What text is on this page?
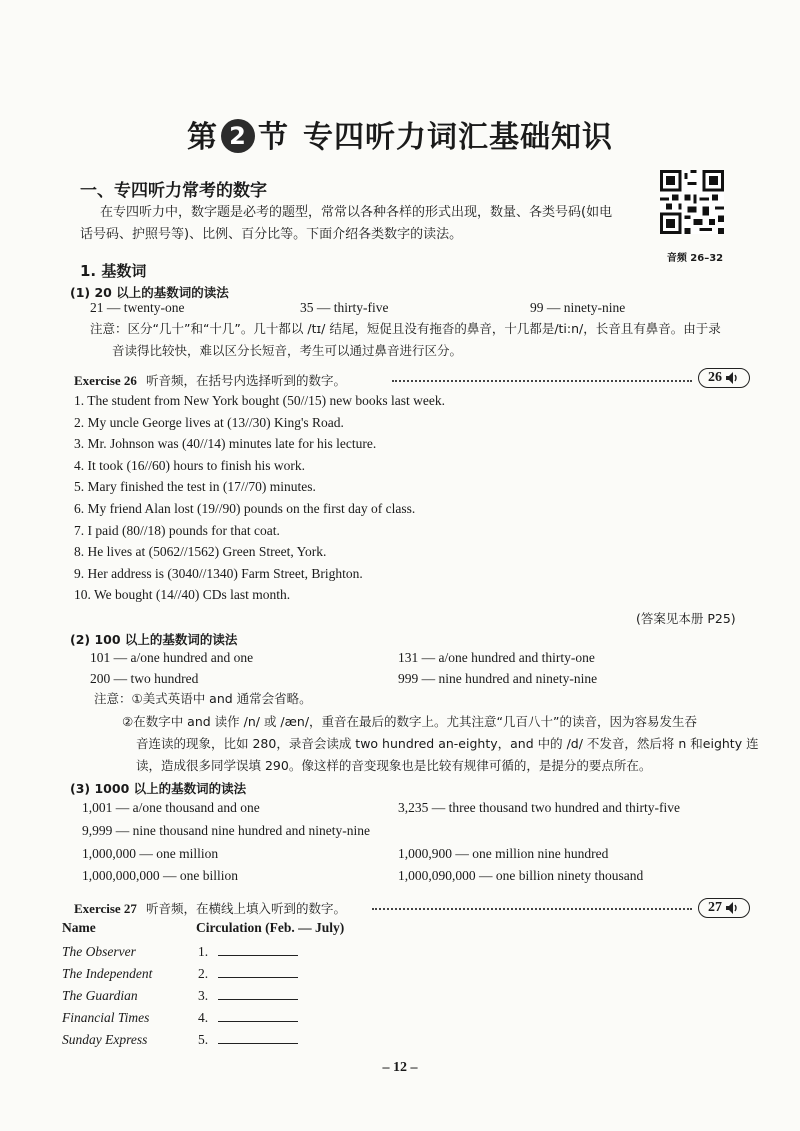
第 2 节 专四听力词汇基础知识
一、专四听力常考的数字
在专四听力中，数字题是必考的题型，常常以各种各样的形式出现，数量、各类号码(如电
话号码、护照号等)、比例、百分比等。下面介绍各类数字的读法。
音频 26–32
1. 基数词
(1) 20 以上的基数词的读法
21 — twenty-one	35 — thirty-five	99 — ninety-nine
注意：区分“几十”和“十几”。几十都以 /tɪ/ 结尾，短促且没有拖沓的鼻音，十几都是/ti:n/，长音且有鼻音。由于录
音读得比较快，难以区分长短音，考生可以通过鼻音进行区分。
Exercise 26 听音频，在括号内选择听到的数字。	26
1. The student from New York bought (50//15) new books last week.
2. My uncle George lives at (13//30) King's Road.
3. Mr. Johnson was (40//14) minutes late for his lecture.
4. It took (16//60) hours to finish his work.
5. Mary finished the test in (17//70) minutes.
6. My friend Alan lost (19//90) pounds on the first day of class.
7. I paid (80//18) pounds for that coat.
8. He lives at (5062//1562) Green Street, York.
9. Her address is (3040//1340) Farm Street, Brighton.
10. We bought (14//40) CDs last month.
(答案见本册 P25)
(2) 100 以上的基数词的读法
101 — a/one hundred and one	131 — a/one hundred and thirty-one
200 — two hundred	999 — nine hundred and ninety-nine
注意：①美式英语中 and 通常会省略。
②在数字中 and 读作 /n/ 或 /æn/，重音在最后的数字上。尤其注意“几百八十”的读音，因为容易发生吞
音连读的现象，比如 280，录音会读成 two hundred an-eighty，and 中的 /d/ 不发音，然后将 n 和eighty 连
读，造成很多同学误填 290。像这样的音变现象也是比较有规律可循的，是提分的要点所在。
(3) 1000 以上的基数词的读法
1,001 — a/one thousand and one	3,235 — three thousand two hundred and thirty-five
9,999 — nine thousand nine hundred and ninety-nine
1,000,000 — one million	1,000,900 — one million nine hundred
1,000,000,000 — one billion	1,000,090,000 — one billion ninety thousand
Exercise 27 听音频，在横线上填入听到的数字。	27
Name	Circulation (Feb. — July)
The Observer	1.
The Independent	2.
The Guardian	3.
Financial Times	4.
Sunday Express	5.
– 12 –
